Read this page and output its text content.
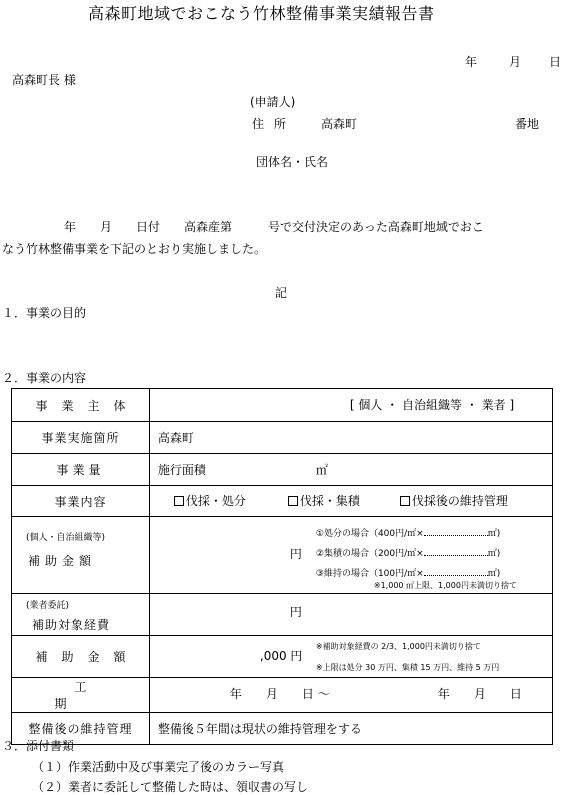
高森町地域でおこなう竹林整備事業実績報告書
年	月 日
高森町長 様
(申請人)
住 所	高森町	番地
団体名・氏名
年　　月　　日付　　高森産第　　　号で交付決定のあった高森町地域でおこ
なう竹林整備事業を下記のとおり実施しました。
記
１．事業の目的
２．事業の内容
事業主体	[ 個人 ・ 自治組織等 ・ 業者 ]

事業実施箇所	高森町

事業量	施行面積 ㎡

事業内容	伐採・処分 伐採・集積 伐採後の維持管理

(個人・自治組織等)
補助金額	円
①処分の場合（400円/㎡× ㎡)
②集積の場合（200円/㎡× ㎡)
③維持の場合（100円/㎡× ㎡)
※1,000 ㎡上限、1,000円未満切り捨て

(業者委託)
補助対象経費	円

補助金額	,000 円
※補助対象経費の 2/3、1,000円未満切り捨て
※上限は処分 30 万円、集積 15 万円、維持 5 万円

工期	年　　月　　日 ～ 年　　月　　日

整備後の維持管理	整備後５年間は現状の維持管理をする
３．添付書類
（１）作業活動中及び事業完了後のカラー写真
（２）業者に委託して整備した時は、領収書の写し
